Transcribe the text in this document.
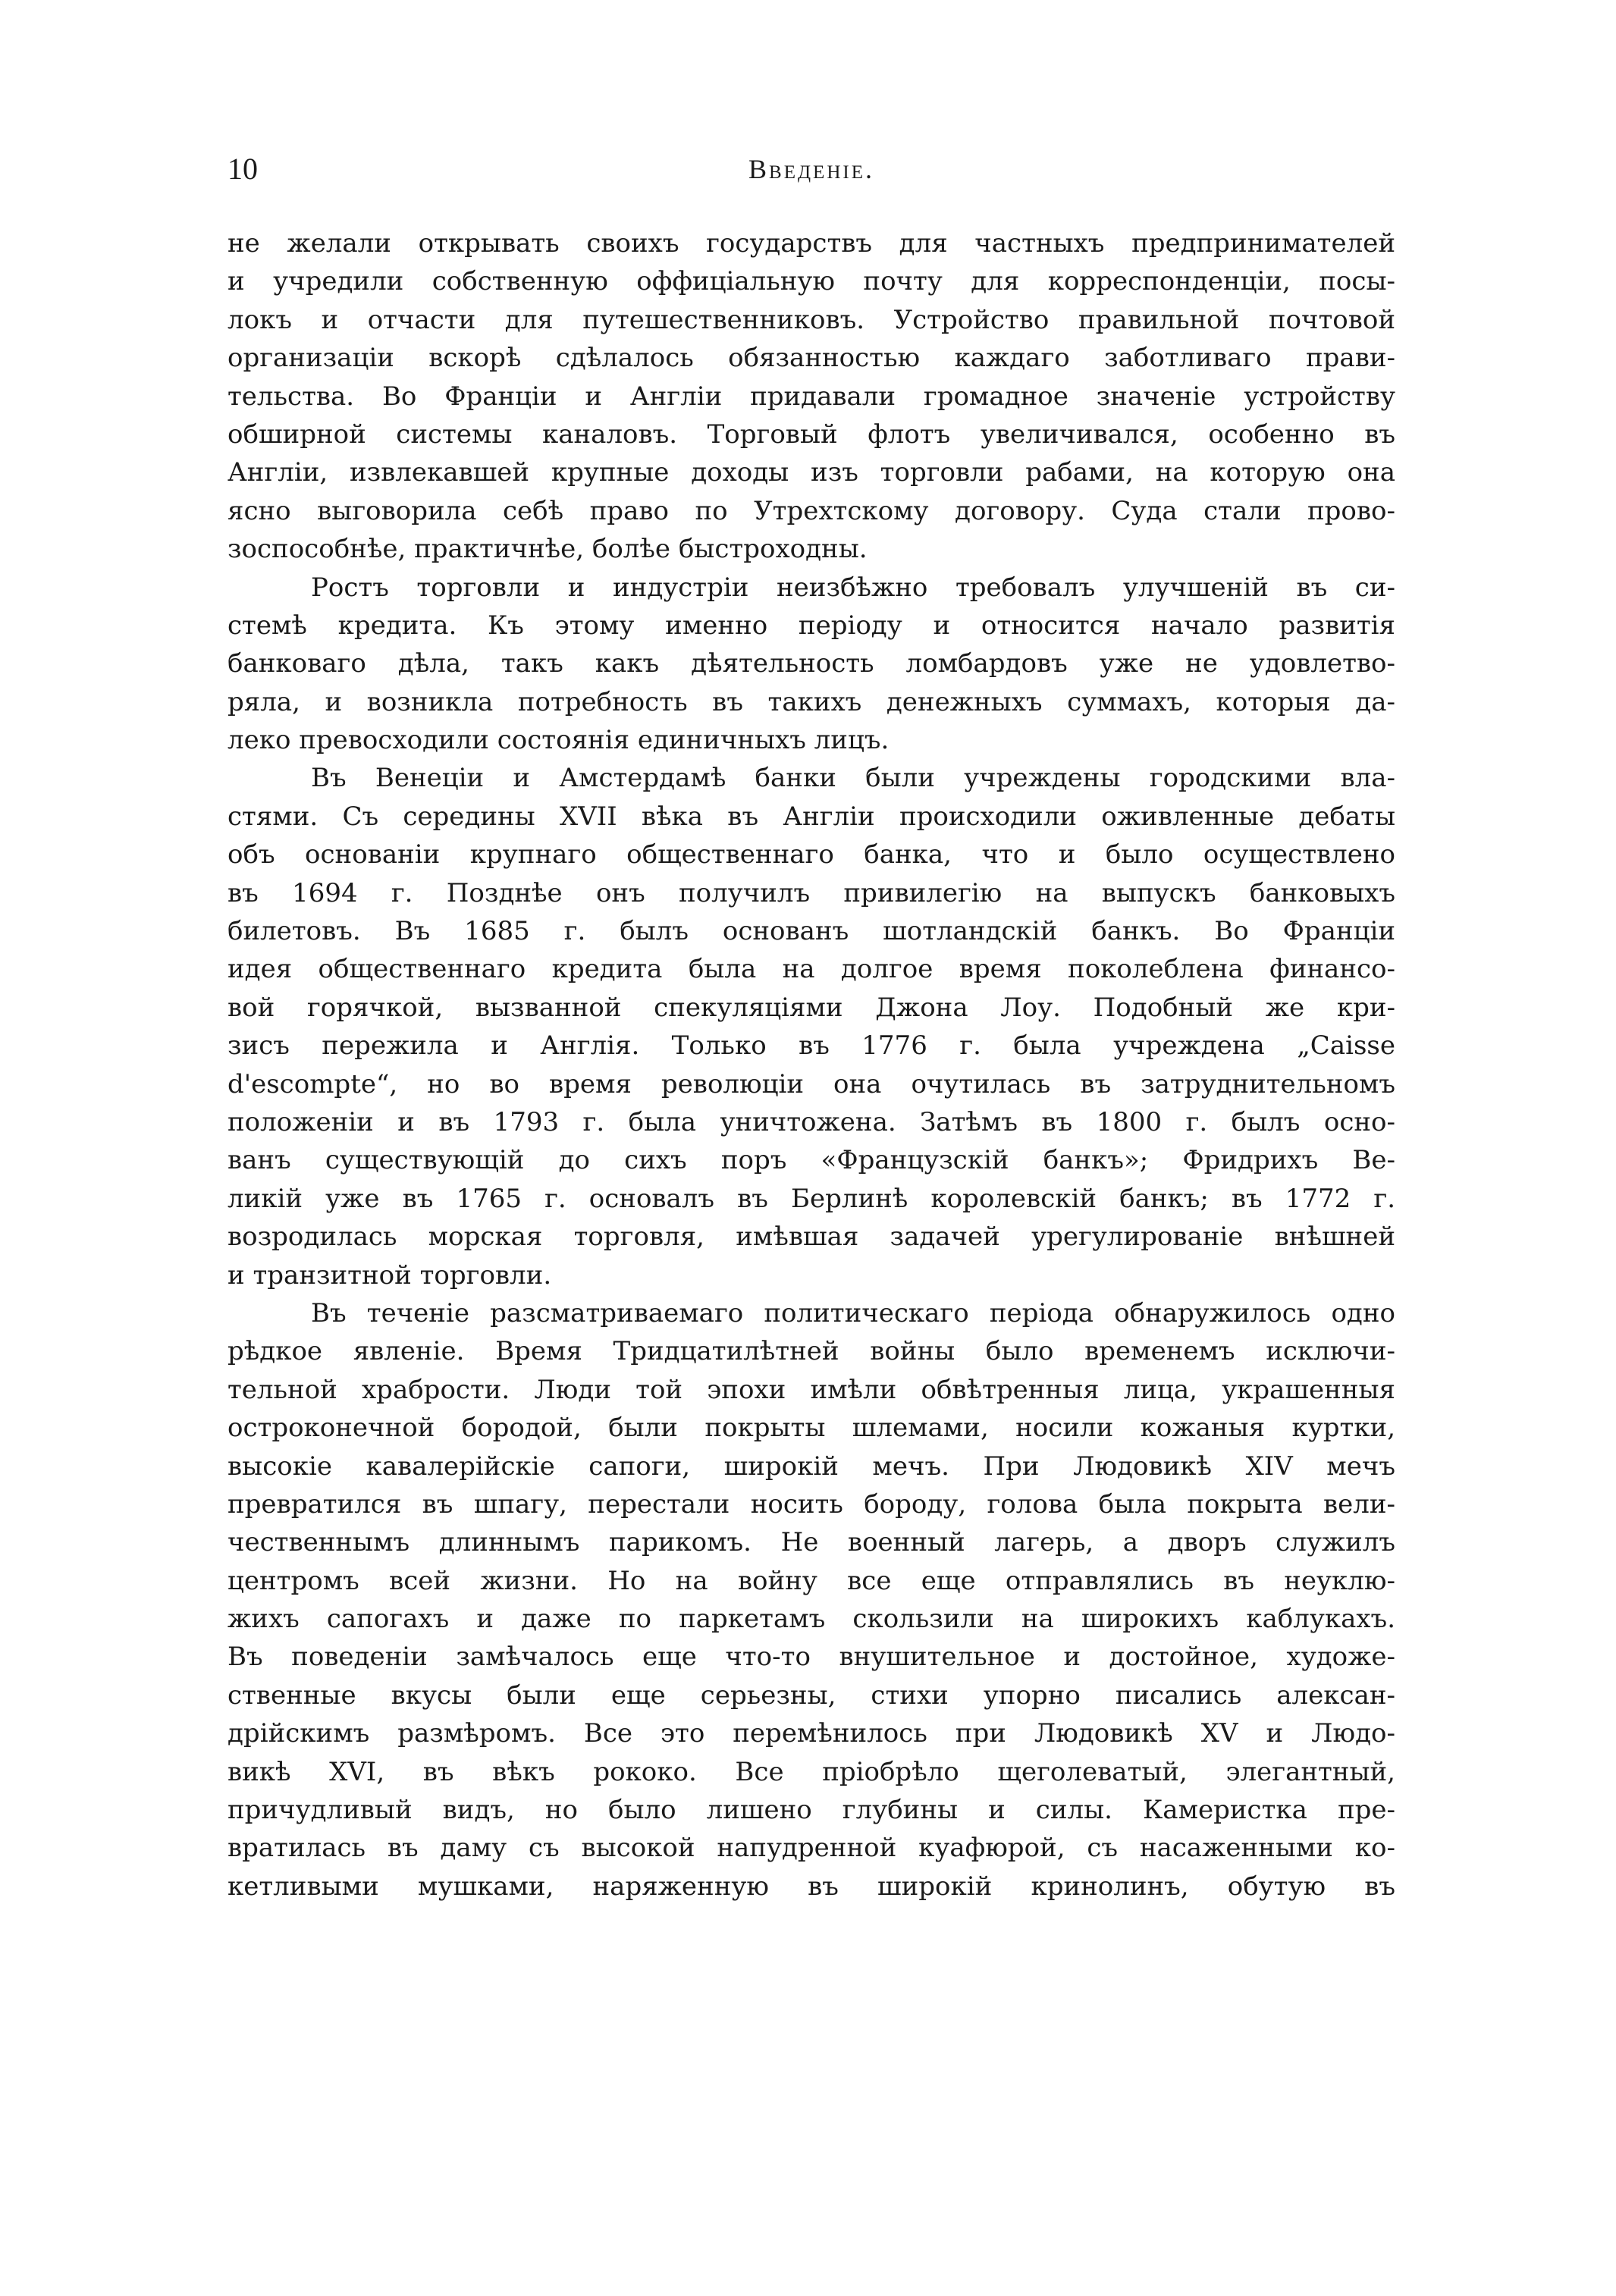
10	Введеніе.
не желали открывать своихъ государствъ для частныхъ предпринимателей
и учредили собственную оффиціальную почту для корреспонденціи, посы-
локъ и отчасти для путешественниковъ. Устройство правильной почтовой
организаціи вскорѣ сдѣлалось обязанностью каждаго заботливаго прави-
тельства. Во Франціи и Англіи придавали громадное значеніе устройству
обширной системы каналовъ. Торговый флотъ увеличивался, особенно въ
Англіи, извлекавшей крупные доходы изъ торговли рабами, на которую она
ясно выговорила себѣ право по Утрехтскому договору. Суда стали прово-
зоспособнѣе, практичнѣе, болѣе быстроходны.
Ростъ торговли и индустріи неизбѣжно требовалъ улучшеній въ си-
стемѣ кредита. Къ этому именно періоду и относится начало развитія
банковаго дѣла, такъ какъ дѣятельность ломбардовъ уже не удовлетво-
ряла, и возникла потребность въ такихъ денежныхъ суммахъ, которыя да-
леко превосходили состоянія единичныхъ лицъ.
Въ Венеціи и Амстердамѣ банки были учреждены городскими вла-
стями. Съ середины XVII вѣка въ Англіи происходили оживленные дебаты
объ основаніи крупнаго общественнаго банка, что и было осуществлено
въ 1694 г. Позднѣе онъ получилъ привилегію на выпускъ банковыхъ
билетовъ. Въ 1685 г. былъ основанъ шотландскій банкъ. Во Франціи
идея общественнаго кредита была на долгое время поколеблена финансо-
вой горячкой, вызванной спекуляціями Джона Лоу. Подобный же кри-
зисъ пережила и Англія. Только въ 1776 г. была учреждена „Caisse
d'escompte“, но во время революціи она очутилась въ затруднительномъ
положеніи и въ 1793 г. была уничтожена. Затѣмъ въ 1800 г. былъ осно-
ванъ существующій до сихъ поръ «Французскій банкъ»; Фридрихъ Ве-
ликій уже въ 1765 г. основалъ въ Берлинѣ королевскій банкъ; въ 1772 г.
возродилась морская торговля, имѣвшая задачей урегулированіе внѣшней
и транзитной торговли.
Въ теченіе разсматриваемаго политическаго періода обнаружилось одно
рѣдкое явленіе. Время Тридцатилѣтней войны было временемъ исключи-
тельной храбрости. Люди той эпохи имѣли обвѣтренныя лица, украшенныя
остроконечной бородой, были покрыты шлемами, носили кожаныя куртки,
высокіе кавалерійскіе сапоги, широкій мечъ. При Людовикѣ XIV мечъ
превратился въ шпагу, перестали носить бороду, голова была покрыта вели-
чественнымъ длиннымъ парикомъ. Не военный лагерь, а дворъ служилъ
центромъ всей жизни. Но на войну все еще отправлялись въ неуклю-
жихъ сапогахъ и даже по паркетамъ скользили на широкихъ каблукахъ.
Въ поведеніи замѣчалось еще что-то внушительное и достойное, художе-
ственные вкусы были еще серьезны, стихи упорно писались алексан-
дрійскимъ размѣромъ. Все это перемѣнилось при Людовикѣ XV и Людо-
викѣ XVI, въ вѣкъ рококо. Все пріобрѣло щеголеватый, элегантный,
причудливый видъ, но было лишено глубины и силы. Камеристка пре-
вратилась въ даму съ высокой напудренной куафюрой, съ насаженными ко-
кетливыми мушками, наряженную въ широкій кринолинъ, обутую въ
